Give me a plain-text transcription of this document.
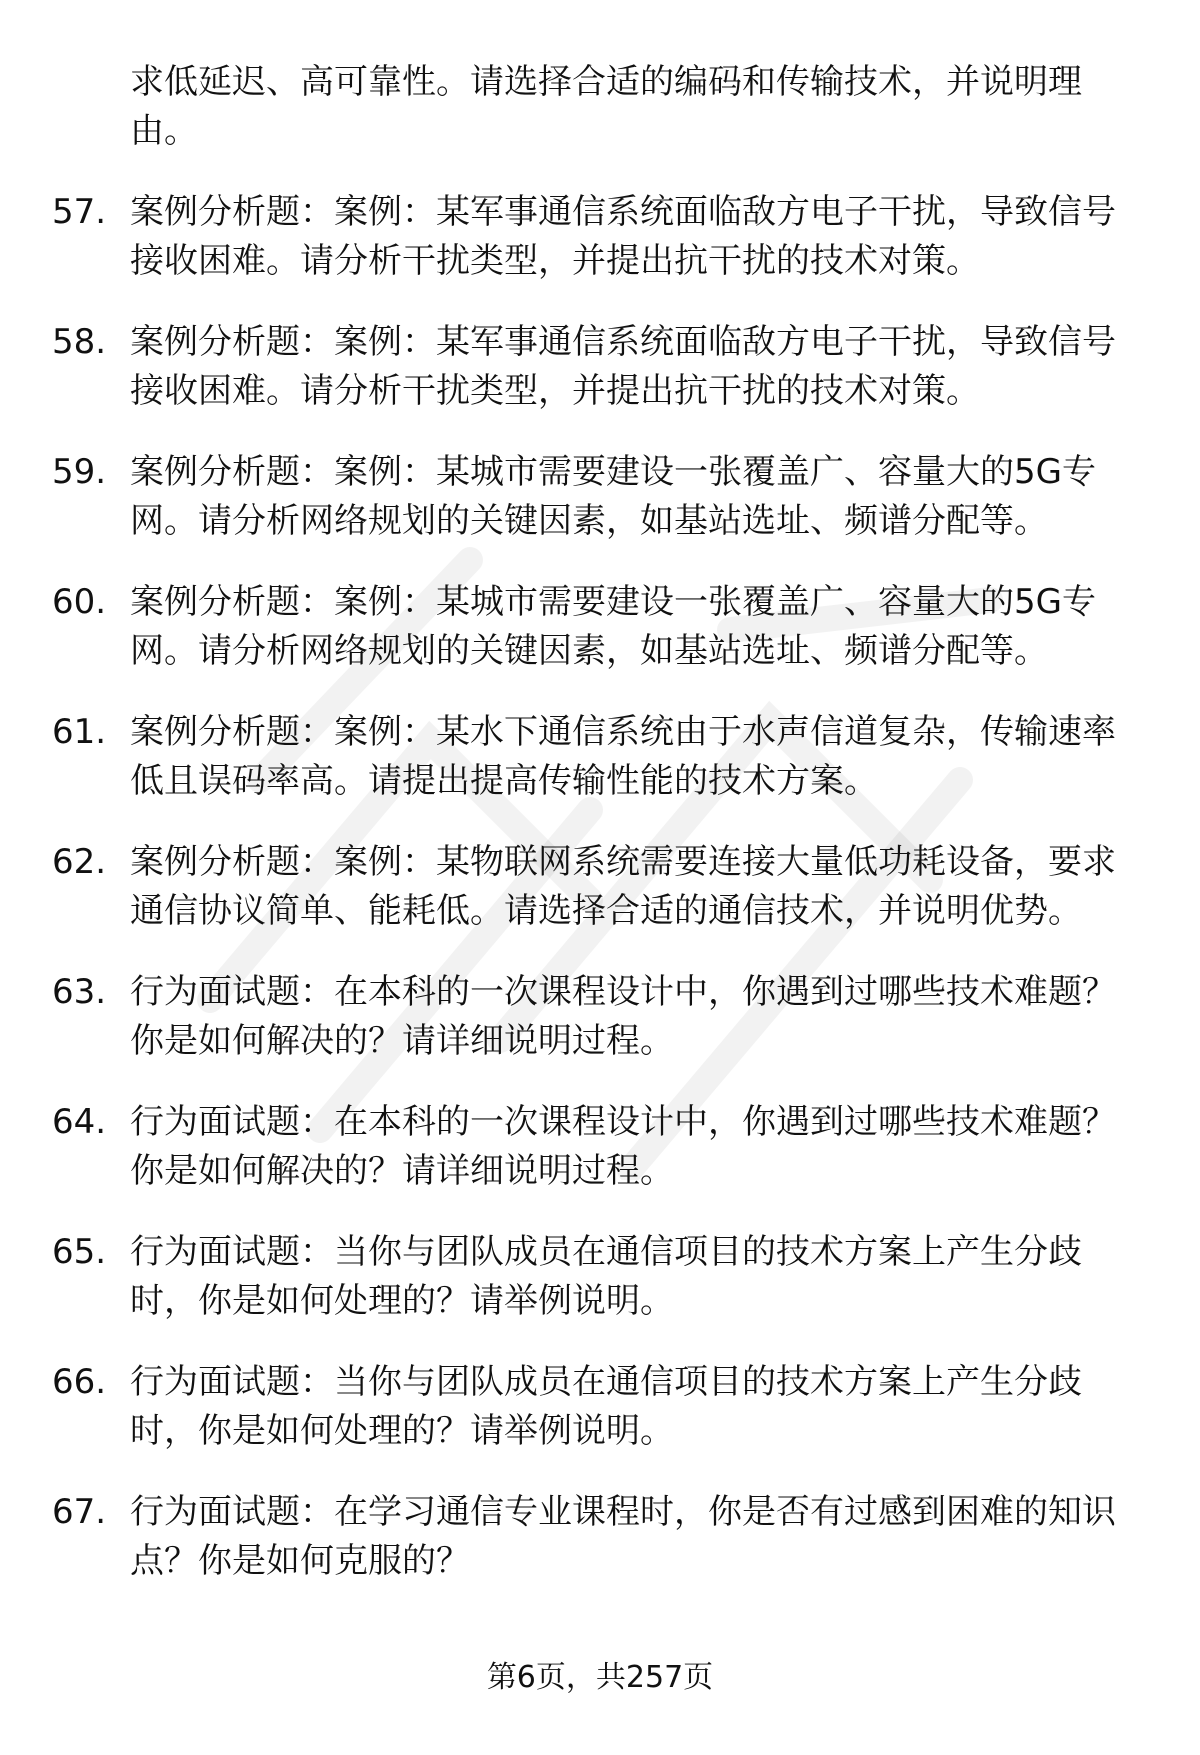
求低延迟、高可靠性。请选择合适的编码和传输技术，并说明理由。
57. 案例分析题：案例：某军事通信系统面临敌方电子干扰，导致信号接收困难。请分析干扰类型，并提出抗干扰的技术对策。
58. 案例分析题：案例：某军事通信系统面临敌方电子干扰，导致信号接收困难。请分析干扰类型，并提出抗干扰的技术对策。
59. 案例分析题：案例：某城市需要建设一张覆盖广、容量大的5G专网。请分析网络规划的关键因素，如基站选址、频谱分配等。
60. 案例分析题：案例：某城市需要建设一张覆盖广、容量大的5G专网。请分析网络规划的关键因素，如基站选址、频谱分配等。
61. 案例分析题：案例：某水下通信系统由于水声信道复杂，传输速率低且误码率高。请提出提高传输性能的技术方案。
62. 案例分析题：案例：某物联网系统需要连接大量低功耗设备，要求通信协议简单、能耗低。请选择合适的通信技术，并说明优势。
63. 行为面试题：在本科的一次课程设计中，你遇到过哪些技术难题？你是如何解决的？请详细说明过程。
64. 行为面试题：在本科的一次课程设计中，你遇到过哪些技术难题？你是如何解决的？请详细说明过程。
65. 行为面试题：当你与团队成员在通信项目的技术方案上产生分歧时，你是如何处理的？请举例说明。
66. 行为面试题：当你与团队成员在通信项目的技术方案上产生分歧时，你是如何处理的？请举例说明。
67. 行为面试题：在学习通信专业课程时，你是否有过感到困难的知识点？你是如何克服的？
第6页，共257页
